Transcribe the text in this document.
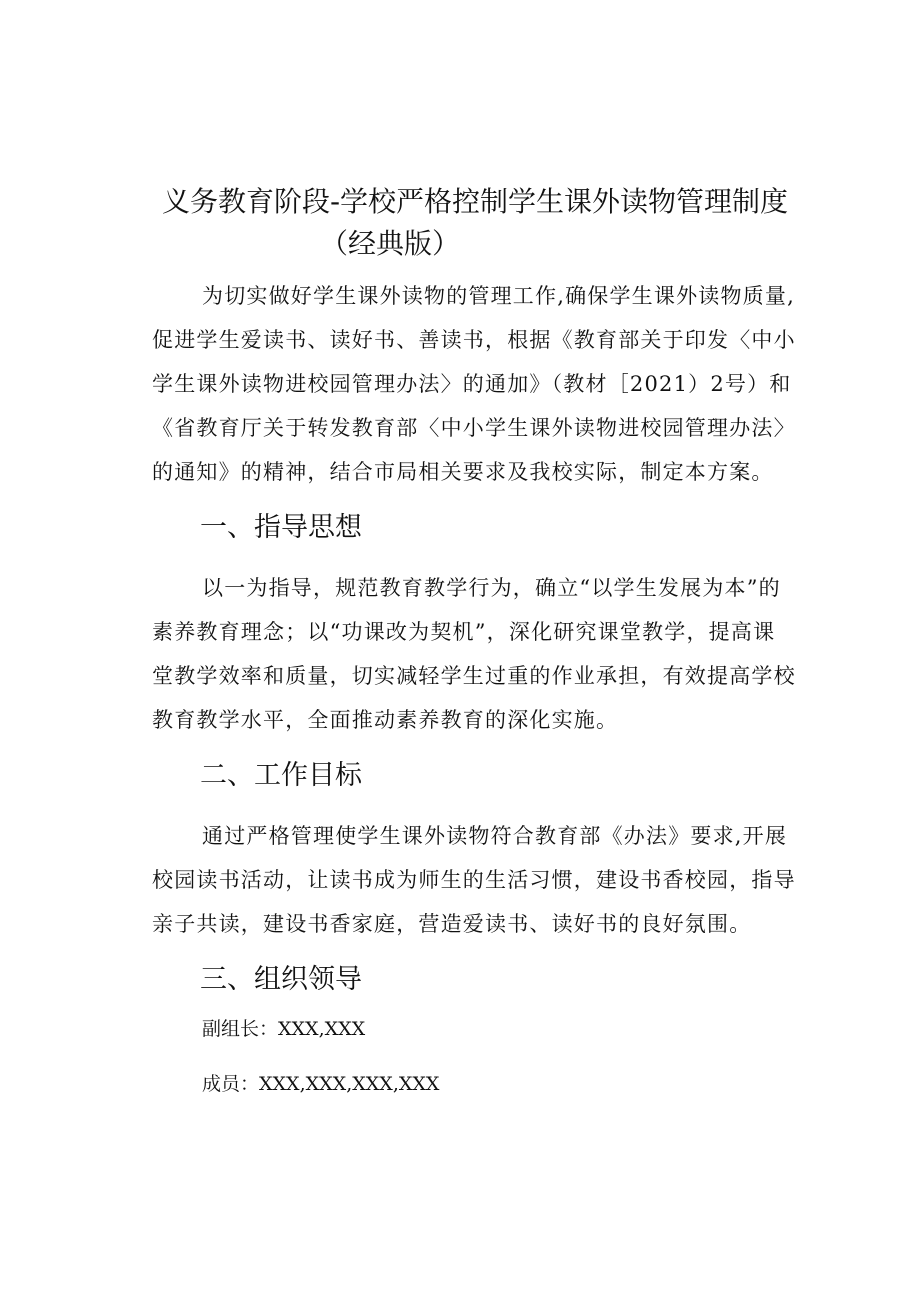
义务教育阶段-学校严格控制学生课外读物管理制度
（经典版）
为切实做好学生课外读物的管理工作,确保学生课外读物质量,
促进学生爱读书、读好书、善读书，根据《教育部关于印发〈中小
学生课外读物进校园管理办法〉的通加》（教材［2021）2号）和
《省教育厅关于转发教育部〈中小学生课外读物进校园管理办法〉
的通知》的精神，结合市局相关要求及我校实际，制定本方案。
一、指导思想
以一为指导，规范教育教学行为，确立“以学生发展为本”的
素养教育理念；以“功课改为契机”，深化研究课堂教学，提高课
堂教学效率和质量，切实减轻学生过重的作业承担，有效提高学校
教育教学水平，全面推动素养教育的深化实施。
二、工作目标
通过严格管理使学生课外读物符合教育部《办法》要求,开展
校园读书活动，让读书成为师生的生活习惯，建设书香校园，指导
亲子共读，建设书香家庭，营造爱读书、读好书的良好氛围。
三、组织领导
副组长：XXX,XXX
成员：XXX,XXX,XXX,XXX
